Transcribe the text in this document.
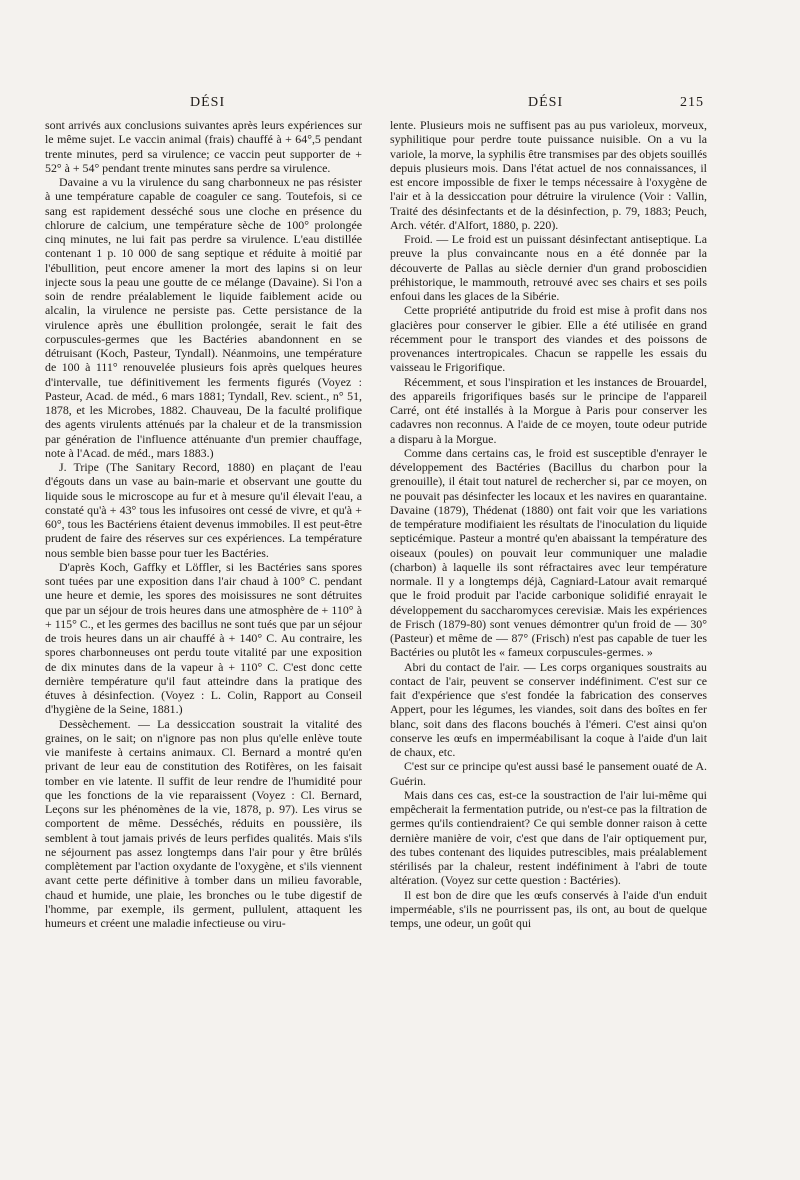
DÉSI	DÉSI	215

sont arrivés aux conclusions suivantes après leurs expériences sur le même sujet. Le vaccin animal (frais) chauffé à + 64°,5 pendant trente minutes, perd sa virulence; ce vaccin peut supporter de + 52° à + 54° pendant trente minutes sans perdre sa virulence.

Davaine a vu la virulence du sang charbonneux ne pas résister à une température capable de coaguler ce sang. Toutefois, si ce sang est rapidement desséché sous une cloche en présence du chlorure de calcium, une température sèche de 100° prolongée cinq minutes, ne lui fait pas perdre sa virulence. L'eau distillée contenant 1 p. 10 000 de sang septique et réduite à moitié par l'ébullition, peut encore amener la mort des lapins si on leur injecte sous la peau une goutte de ce mélange (Davaine). Si l'on a soin de rendre préalablement le liquide faiblement acide ou alcalin, la virulence ne persiste pas. Cette persistance de la virulence après une ébullition prolongée, serait le fait des corpuscules-germes que les Bactéries abandonnent en se détruisant (Koch, Pasteur, Tyndall). Néanmoins, une température de 100 à 111° renouvelée plusieurs fois après quelques heures d'intervalle, tue définitivement les ferments figurés (Voyez : Pasteur, Acad. de méd., 6 mars 1881; Tyndall, Rev. scient., n° 51, 1878, et les Microbes, 1882. Chauveau, De la faculté prolifique des agents virulents atténués par la chaleur et de la transmission par génération de l'influence atténuante d'un premier chauffage, note à l'Acad. de méd., mars 1883.)

J. Tripe (The Sanitary Record, 1880) en plaçant de l'eau d'égouts dans un vase au bain-marie et observant une goutte du liquide sous le microscope au fur et à mesure qu'il élevait l'eau, a constaté qu'à + 43° tous les infusoires ont cessé de vivre, et qu'à + 60°, tous les Bactériens étaient devenus immobiles. Il est peut-être prudent de faire des réserves sur ces expériences. La température nous semble bien basse pour tuer les Bactéries.

D'après Koch, Gaffky et Löffler, si les Bactéries sans spores sont tuées par une exposition dans l'air chaud à 100° C. pendant une heure et demie, les spores des moisissures ne sont détruites que par un séjour de trois heures dans une atmosphère de + 110° à + 115° C., et les germes des bacillus ne sont tués que par un séjour de trois heures dans un air chauffé à + 140° C. Au contraire, les spores charbonneuses ont perdu toute vitalité par une exposition de dix minutes dans de la vapeur à + 110° C. C'est donc cette dernière température qu'il faut atteindre dans la pratique des étuves à désinfection. (Voyez : L. Colin, Rapport au Conseil d'hygiène de la Seine, 1881.)

Dessèchement. — La dessiccation soustrait la vitalité des graines, on le sait; on n'ignore pas non plus qu'elle enlève toute vie manifeste à certains animaux. Cl. Bernard a montré qu'en privant de leur eau de constitution des Rotifères, on les faisait tomber en vie latente. Il suffit de leur rendre de l'humidité pour que les fonctions de la vie reparaissent (Voyez : Cl. Bernard, Leçons sur les phénomènes de la vie, 1878, p. 97). Les virus se comportent de même. Desséchés, réduits en poussière, ils semblent à tout jamais privés de leurs perfides qualités. Mais s'ils ne séjournent pas assez longtemps dans l'air pour y être brûlés complètement par l'action oxydante de l'oxygène, et s'ils viennent avant cette perte définitive à tomber dans un milieu favorable, chaud et humide, une plaie, les bronches ou le tube digestif de l'homme, par exemple, ils germent, pullulent, attaquent les humeurs et créent une maladie infectieuse ou viru-

lente. Plusieurs mois ne suffisent pas au pus varioleux, morveux, syphilitique pour perdre toute puissance nuisible. On a vu la variole, la morve, la syphilis être transmises par des objets souillés depuis plusieurs mois. Dans l'état actuel de nos connaissances, il est encore impossible de fixer le temps nécessaire à l'oxygène de l'air et à la dessiccation pour détruire la virulence (Voir : Vallin, Traité des désinfectants et de la désinfection, p. 79, 1883; Peuch, Arch. vétér. d'Alfort, 1880, p. 220).

Froid. — Le froid est un puissant désinfectant antiseptique. La preuve la plus convaincante nous en a été donnée par la découverte de Pallas au siècle dernier d'un grand proboscidien préhistorique, le mammouth, retrouvé avec ses chairs et ses poils enfoui dans les glaces de la Sibérie.

Cette propriété antiputride du froid est mise à profit dans nos glacières pour conserver le gibier. Elle a été utilisée en grand récemment pour le transport des viandes et des poissons de provenances intertropicales. Chacun se rappelle les essais du vaisseau le Frigorifique.

Récemment, et sous l'inspiration et les instances de Brouardel, des appareils frigorifiques basés sur le principe de l'appareil Carré, ont été installés à la Morgue à Paris pour conserver les cadavres non reconnus. A l'aide de ce moyen, toute odeur putride a disparu à la Morgue.

Comme dans certains cas, le froid est susceptible d'enrayer le développement des Bactéries (Bacillus du charbon pour la grenouille), il était tout naturel de rechercher si, par ce moyen, on ne pouvait pas désinfecter les locaux et les navires en quarantaine. Davaine (1879), Thédenat (1880) ont fait voir que les variations de température modifiaient les résultats de l'inoculation du liquide septicémique. Pasteur a montré qu'en abaissant la température des oiseaux (poules) on pouvait leur communiquer une maladie (charbon) à laquelle ils sont réfractaires avec leur température normale. Il y a longtemps déjà, Cagniard-Latour avait remarqué que le froid produit par l'acide carbonique solidifié enrayait le développement du saccharomyces cerevisiæ. Mais les expériences de Frisch (1879-80) sont venues démontrer qu'un froid de — 30° (Pasteur) et même de — 87° (Frisch) n'est pas capable de tuer les Bactéries ou plutôt les « fameux corpuscules-germes. »

Abri du contact de l'air. — Les corps organiques soustraits au contact de l'air, peuvent se conserver indéfiniment. C'est sur ce fait d'expérience que s'est fondée la fabrication des conserves Appert, pour les légumes, les viandes, soit dans des boîtes en fer blanc, soit dans des flacons bouchés à l'émeri. C'est ainsi qu'on conserve les œufs en imperméabilisant la coque à l'aide d'un lait de chaux, etc.

C'est sur ce principe qu'est aussi basé le pansement ouaté de A. Guérin.

Mais dans ces cas, est-ce la soustraction de l'air lui-même qui empêcherait la fermentation putride, ou n'est-ce pas la filtration de germes qu'ils contiendraient? Ce qui semble donner raison à cette dernière manière de voir, c'est que dans de l'air optiquement pur, des tubes contenant des liquides putrescibles, mais préalablement stérilisés par la chaleur, restent indéfiniment à l'abri de toute altération. (Voyez sur cette question : Bactéries).

Il est bon de dire que les œufs conservés à l'aide d'un enduit imperméable, s'ils ne pourrissent pas, ils ont, au bout de quelque temps, une odeur, un goût qui
